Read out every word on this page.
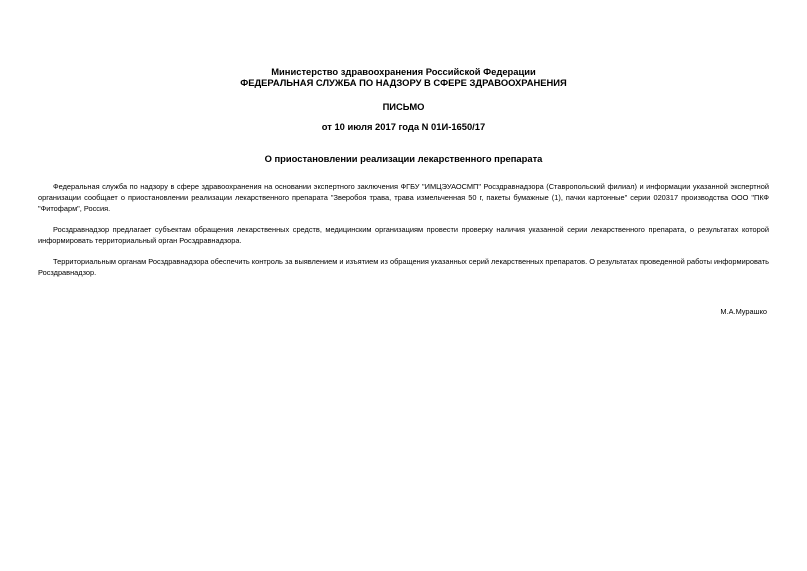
Министерство здравоохранения Российской Федерации
ФЕДЕРАЛЬНАЯ СЛУЖБА ПО НАДЗОРУ В СФЕРЕ ЗДРАВООХРАНЕНИЯ
ПИСЬМО
от 10 июля 2017 года N 01И-1650/17
О приостановлении реализации лекарственного препарата

Федеральная служба по надзору в сфере здравоохранения на основании экспертного заключения ФГБУ "ИМЦЭУАОСМП" Росздравнадзора (Ставропольский филиал) и информации указанной экспертной организации сообщает о приостановлении реализации лекарственного препарата "Зверобоя трава, трава измельченная 50 г, пакеты бумажные (1), пачки картонные" серии 020317 производства ООО "ПКФ "Фитофарм", Россия.

Росздравнадзор предлагает субъектам обращения лекарственных средств, медицинским организациям провести проверку наличия указанной серии лекарственного препарата, о результатах которой информировать территориальный орган Росздравнадзора.

Территориальным органам Росздравнадзора обеспечить контроль за выявлением и изъятием из обращения указанных серий лекарственных препаратов. О результатах проведенной работы информировать Росздравнадзор.

М.А.Мурашко
